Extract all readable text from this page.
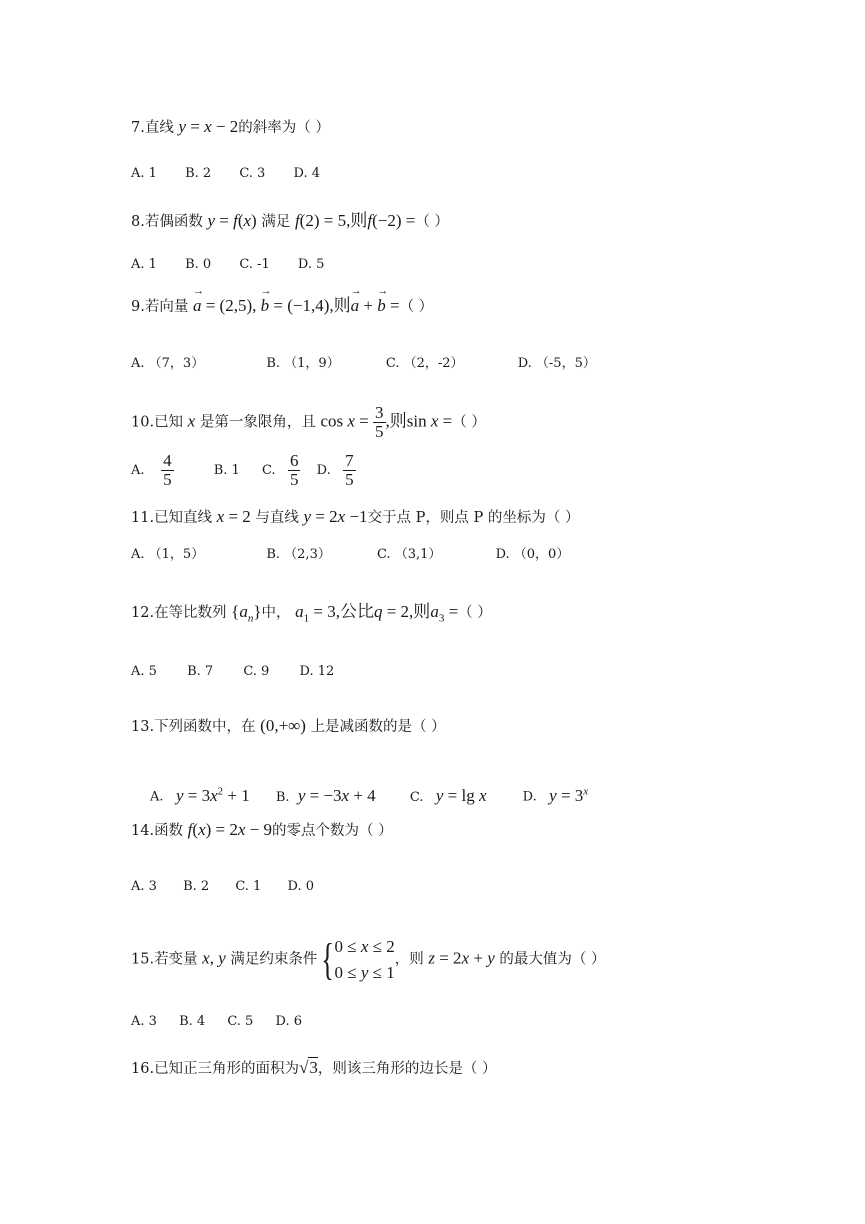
7.直线 y = x − 2的斜率为（ ）
A. 1 B. 2 C. 3 D. 4
8.若偶函数 y = f(x) 满足 f(2) = 5,则f(−2) =（ ）
A. 1 B. 0 C. -1 D. 5
9.若向量 → a = (2,5), → b = (−1,4),则→ a + → b =（ ）
A. （7，3）	B. （1，9）	C. （2，-2）	D. （-5，5）
10.已知 x 是第一象限角，且 $\cos x = \frac{3}{5}$ ,则sin x =（ ）
A. $\frac{4}{5}$	B. 1 C. $\frac{6}{5} D$. $\frac{7}{5}$
11.已知直线 x = 2 与直线 y = 2x −1交于点 P，则点 P 的坐标为（ ）
A. （1，5）	B. （2,3）	C. （3,1）	D. （0，0）
12.在等比数列 $\{a_n\}$中， $a_1 = 3$,公比q = 2,则$a_3$ =（ ）
A. 5 B. 7 C. 9 D. 12
13.下列函数中，在 (0,+∞) 上是减函数的是（ ）
A. $y = 3x^2 + 1$ B. y = −3x + 4	C. y = lg x	D. $y = 3^x$
14.函数 f(x) = 2x − 9的零点个数为（ ）
A. 3 B. 2 C. 1 D. 0
15.若变量 x, y 满足约束条件{ 0 ≤ x ≤ 2
0 ≤ y ≤ 1
，则 z = 2x + y 的最大值为（ ）
A. 3 B. 4 C. 5 D. 6
16.已知正三角形的面积为√3，则该三角形的边长是（ ）
